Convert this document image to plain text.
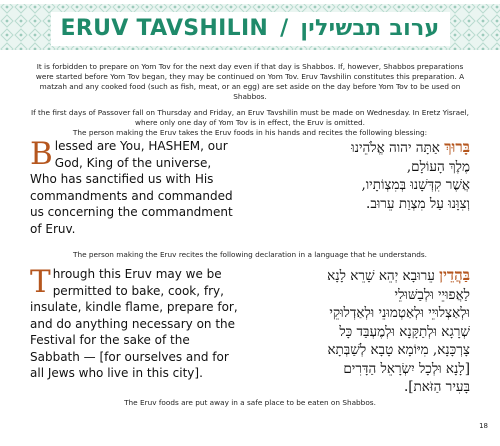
ERUV TAVSHILIN / ערוב תבשילין

It is forbidden to prepare on Yom Tov for the next day even if that day is Shabbos. If, however, Shabbos preparations were started before Yom Tov began, they may be continued on Yom Tov. Eruv Tavshilin constitutes this preparation. A matzah and any cooked food (such as fish, meat, or an egg) are set aside on the day before Yom Tov to be used on Shabbos.

If the first days of Passover fall on Thursday and Friday, an Eruv Tavshilin must be made on Wednesday. In Eretz Yisrael, where only one day of Yom Tov is in effect, the Eruv is omitted.

The person making the Eruv takes the Eruv foods in his hands and recites the following blessing:

Blessed are You, HASHEM, our God, King of the universe, Who has sanctified us with His commandments and commanded us concerning the commandment of Eruv.
בָּרוּךְ אַתָּה יהוה אֱלֹהֵינוּ
מֶלֶךְ הָעוֹלָם,
אֲשֶׁר קִדְּשָׁנוּ בְּמִצְוֹתָיו,
וְצִוָּנוּ עַל מִצְוַת עֵרוּב.
The person making the Eruv recites the following declaration in a language that he understands.
Through this Eruv may we be permitted to bake, cook, fry, insulate, kindle flame, prepare for, and do anything necessary on the Festival for the sake of the Sabbath — [for ourselves and for all Jews who live in this city].
בַּהֲדֵין עֵרוּבָא יְהֵא שָׁרֵא לָנָא
לַאֲפוּיֵי וּלְבַשּׁוּלֵי
וּלְאַצְלוּיֵי וּלְאַטְמוּנֵי וּלְאַדְלוּקֵי
שְׁרָגָא וּלְתַקָּנָא וּלְמֶעְבַּד כָּל
צָרְכָּנָא, מִיּוֹמָא טָבָא לְשַׁבְּתָא
[לָנָא וּלְכָל יִשְׂרָאֵל הַדָּרִים
בָּעִיר הַזֹּאת].
The Eruv foods are put away in a safe place to be eaten on Shabbos.
18
